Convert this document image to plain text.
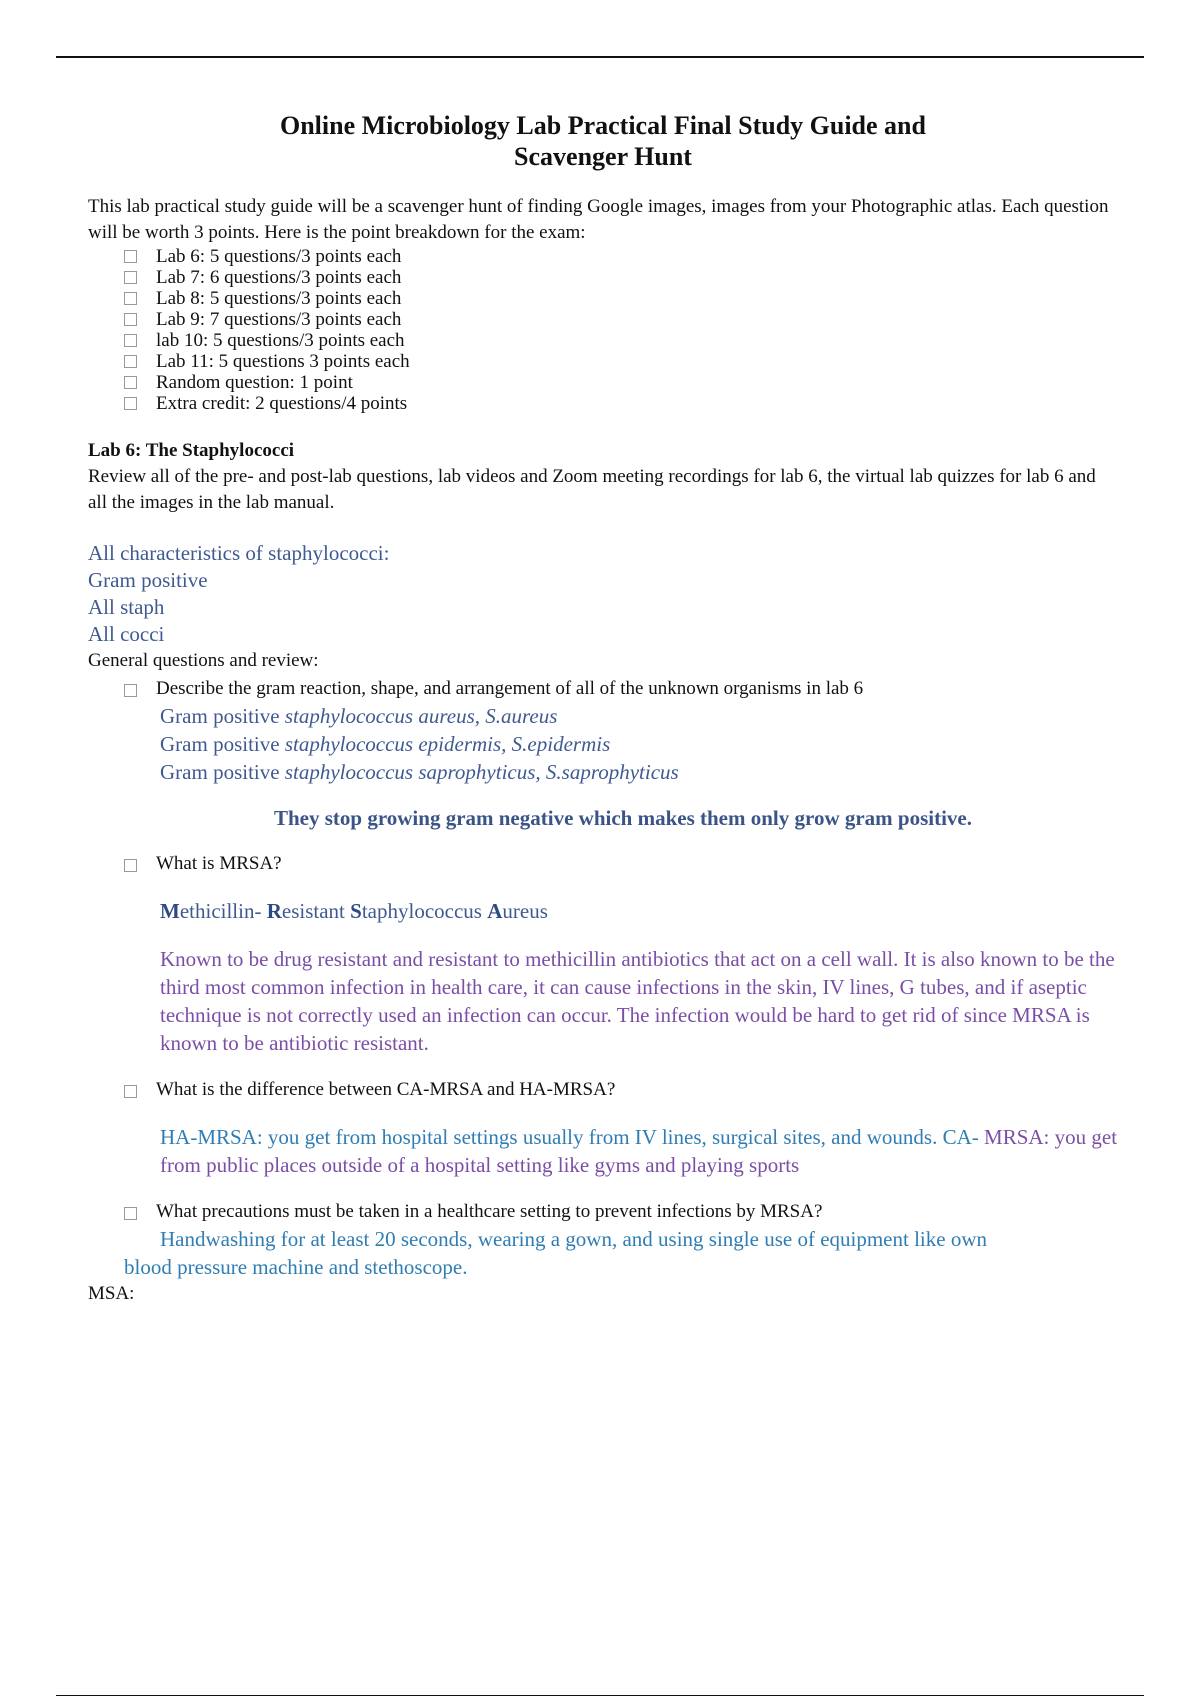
Online Microbiology Lab Practical Final Study Guide and
Scavenger Hunt

This lab practical study guide will be a scavenger hunt of finding Google images, images from your Photographic atlas. Each question will be worth 3 points. Here is the point breakdown for the exam:

Lab 6: 5 questions/3 points each
Lab 7: 6 questions/3 points each
Lab 8: 5 questions/3 points each
Lab 9: 7 questions/3 points each
lab 10: 5 questions/3 points each
Lab 11: 5 questions 3 points each
Random question: 1 point
Extra credit: 2 questions/4 points
Lab 6: The Staphylococci

Review all of the pre- and post-lab questions, lab videos and Zoom meeting recordings for lab 6, the virtual lab quizzes for lab 6 and all the images in the lab manual.

All characteristics of staphylococci:
Gram positive
All staph
All cocci
General questions and review:
Describe the gram reaction, shape, and arrangement of all of the unknown organisms in lab 6
Gram positive staphylococcus aureus, S.aureus
Gram positive staphylococcus epidermis, S.epidermis
Gram positive staphylococcus saprophyticus, S.saprophyticus
They stop growing gram negative which makes them only grow gram positive.
What is MRSA?
Methicillin- Resistant Staphylococcus Aureus
Known to be drug resistant and resistant to methicillin antibiotics that act on a cell wall. It is also known to be the third most common infection in health care, it can cause infections in the skin, IV lines, G tubes, and if aseptic technique is not correctly used an infection can occur. The infection would be hard to get rid of since MRSA is known to be antibiotic resistant.
What is the difference between CA-MRSA and HA-MRSA?
HA-MRSA: you get from hospital settings usually from IV lines, surgical sites, and wounds. CA- MRSA: you get from public places outside of a hospital setting like gyms and playing sports
What precautions must be taken in a healthcare setting to prevent infections by MRSA?
Handwashing for at least 20 seconds, wearing a gown, and using single use of equipment like own
blood pressure machine and stethoscope.
MSA:
